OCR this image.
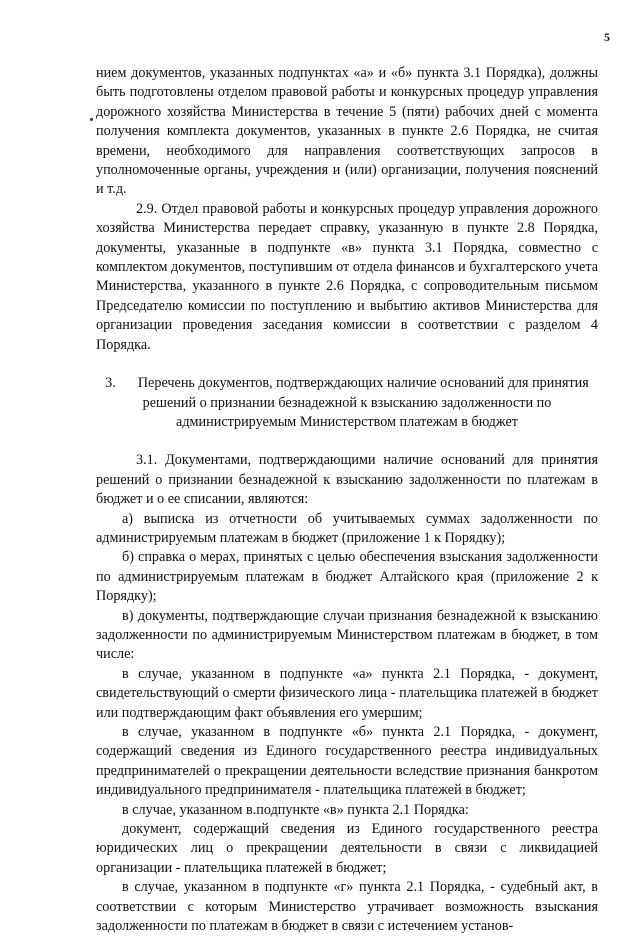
5

нием документов, указанных подпунктах «а» и «б» пункта 3.1 Порядка), должны быть подготовлены отделом правовой работы и конкурсных процедур управления дорожного хозяйства Министерства в течение 5 (пяти) рабочих дней с момента получения комплекта документов, указанных в пункте 2.6 Порядка, не считая времени, необходимого для направления соответствующих запросов в уполномоченные органы, учреждения и (или) организации, получения пояснений и т.д.

2.9. Отдел правовой работы и конкурсных процедур управления дорожного хозяйства Министерства передает справку, указанную в пункте 2.8 Порядка, документы, указанные в подпункте «в» пункта 3.1 Порядка, совместно с комплектом документов, поступившим от отдела финансов и бухгалтерского учета Министерства, указанного в пункте 2.6 Порядка, с сопроводительным письмом Председателю комиссии по поступлению и выбытию активов Министерства для организации проведения заседания комиссии в соответствии с разделом 4 Порядка.

3. Перечень документов, подтверждающих наличие оснований для принятия решений о признании безнадежной к взысканию задолженности по администрируемым Министерством платежам в бюджет

3.1. Документами, подтверждающими наличие оснований для принятия решений о признании безнадежной к взысканию задолженности по платежам в бюджет и о ее списании, являются:

а) выписка из отчетности об учитываемых суммах задолженности по администрируемым платежам в бюджет (приложение 1 к Порядку);

б) справка о мерах, принятых с целью обеспечения взыскания задолженности по администрируемым платежам в бюджет Алтайского края (приложение 2 к Порядку);

в) документы, подтверждающие случаи признания безнадежной к взысканию задолженности по администрируемым Министерством платежам в бюджет, в том числе:

в случае, указанном в подпункте «а» пункта 2.1 Порядка, - документ, свидетельствующий о смерти физического лица - плательщика платежей в бюджет или подтверждающим факт объявления его умершим;

в случае, указанном в подпункте «б» пункта 2.1 Порядка, - документ, содержащий сведения из Единого государственного реестра индивидуальных предпринимателей о прекращении деятельности вследствие признания банкротом индивидуального предпринимателя - плательщика платежей в бюджет;

в случае, указанном в.подпункте «в» пункта 2.1 Порядка:

документ, содержащий сведения из Единого государственного реестра юридических лиц о прекращении деятельности в связи с ликвидацией организации - плательщика платежей в бюджет;

в случае, указанном в подпункте «г» пункта 2.1 Порядка, - судебный акт, в соответствии с которым Министерство утрачивает возможность взыскания задолженности по платежам в бюджет в связи с истечением установ-
